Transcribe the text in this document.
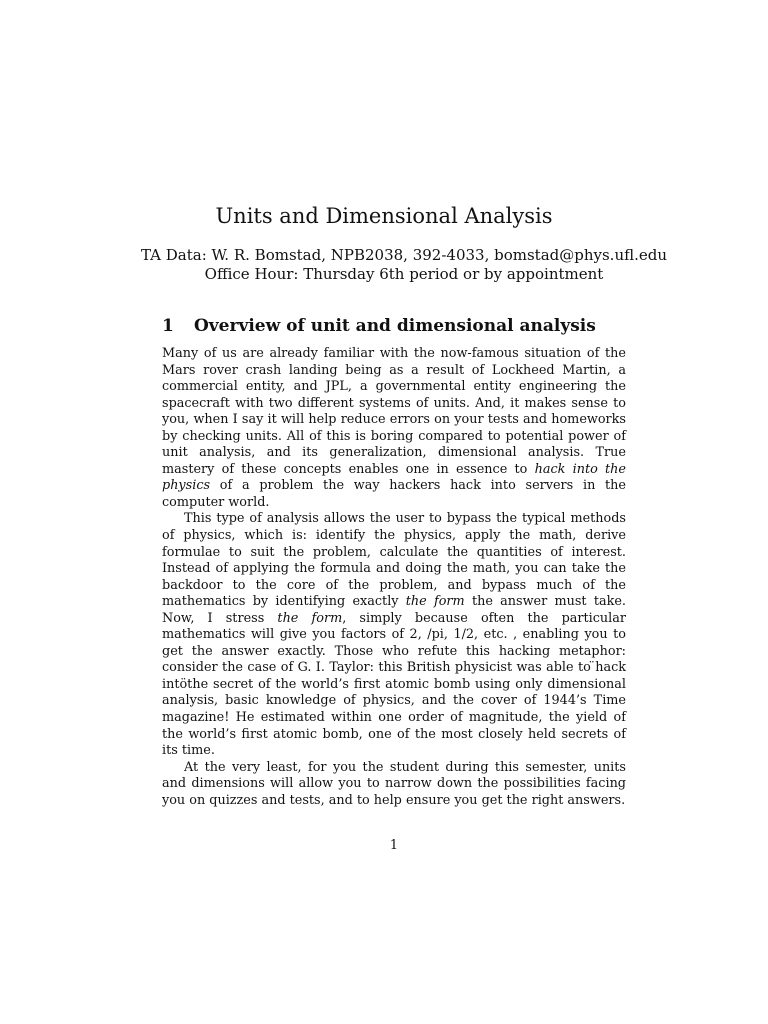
Units and Dimensional Analysis
TA Data: W. R. Bomstad, NPB2038, 392-4033, bomstad@phys.ufl.edu
Office Hour: Thursday 6th period or by appointment
1 Overview of unit and dimensional analysis

Many of us are already familiar with the now-famous situation of the Mars rover crash landing being as a result of Lockheed Martin, a commercial entity, and JPL, a governmental entity engineering the spacecraft with two different systems of units. And, it makes sense to you, when I say it will help reduce errors on your tests and homeworks by checking units. All of this is boring compared to potential power of unit analysis, and its generalization, dimensional analysis. True mastery of these concepts enables one in essence to hack into the physics of a problem the way hackers hack into servers in the computer world.

This type of analysis allows the user to bypass the typical methods of physics, which is: identify the physics, apply the math, derive formulae to suit the problem, calculate the quantities of interest. Instead of applying the formula and doing the math, you can take the backdoor to the core of the problem, and bypass much of the mathematics by identifying exactly the form the answer must take. Now, I stress the form, simply because often the particular mathematics will give you factors of 2, /pi, 1/2, etc. , enabling you to get the answer exactly. Those who refute this hacking metaphor: consider the case of G. I. Taylor: this British physicist was able to ̈hack intöthe secret of the world’s first atomic bomb using only dimensional analysis, basic knowledge of physics, and the cover of 1944’s Time magazine! He estimated within one order of magnitude, the yield of the world’s first atomic bomb, one of the most closely held secrets of its time.

At the very least, for you the student during this semester, units and dimensions will allow you to narrow down the possibilities facing you on quizzes and tests, and to help ensure you get the right answers.

1
